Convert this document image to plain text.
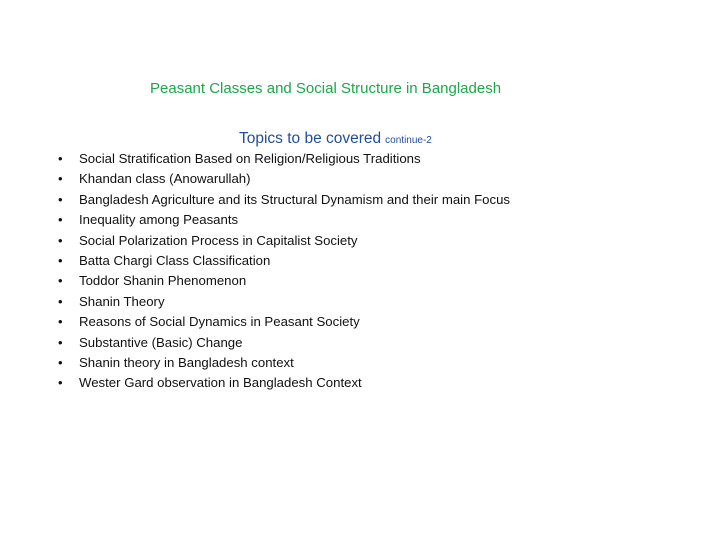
Peasant Classes and Social Structure in Bangladesh
Topics to be covered continue-2
•	Social Stratification Based on Religion/Religious Traditions
•	Khandan class (Anowarullah)
•	Bangladesh Agriculture and its Structural Dynamism and their main Focus
•	Inequality among Peasants
•	Social Polarization Process in Capitalist Society
•	Batta Chargi Class Classification
•	Toddor Shanin Phenomenon
•	Shanin Theory
•	Reasons of Social Dynamics in Peasant Society
•	Substantive (Basic) Change
•	Shanin theory in Bangladesh context
•	Wester Gard observation in Bangladesh Context
